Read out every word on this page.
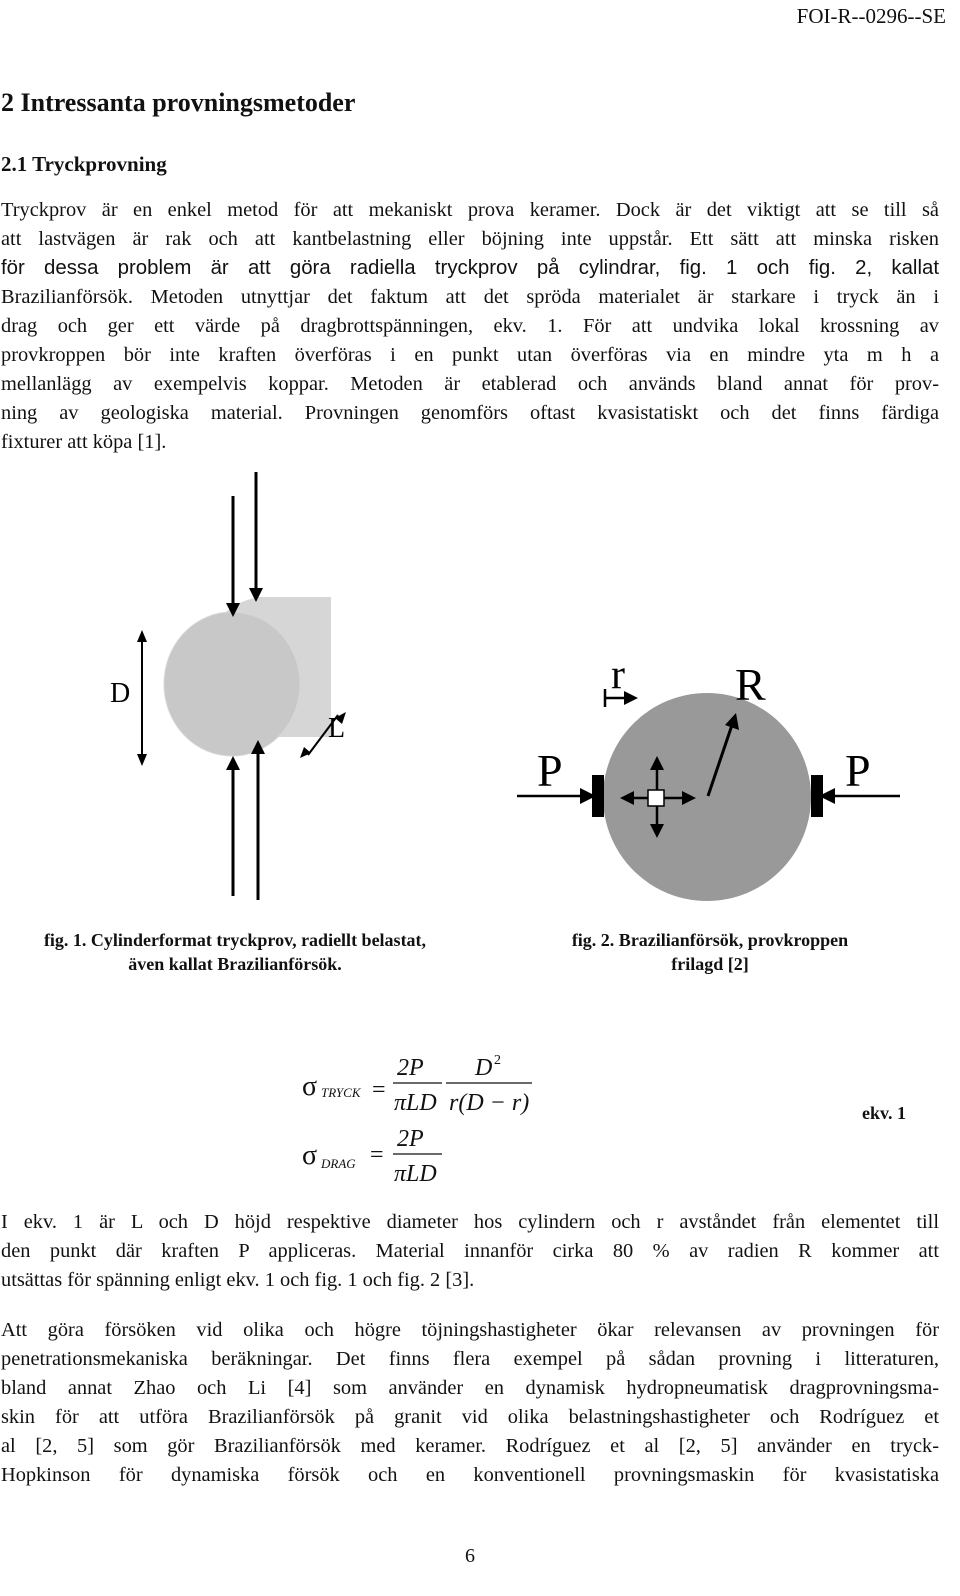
FOI-R--0296--SE
2 Intressanta provningsmetoder
2.1 Tryckprovning
Tryckprov är en enkel metod för att mekaniskt prova keramer. Dock är det viktigt att se till så
att lastvägen är rak och att kantbelastning eller böjning inte uppstår. Ett sätt att minska risken
för dessa problem är att göra radiella tryckprov på cylindrar, fig. 1 och fig. 2, kallat
Brazilianförsök. Metoden utnyttjar det faktum att det spröda materialet är starkare i tryck än i
drag och ger ett värde på dragbrottspänningen, ekv. 1. För att undvika lokal krossning av
provkroppen bör inte kraften överföras i en punkt utan överföras via en mindre yta m h a
mellanlägg av exempelvis koppar. Metoden är etablerad och används bland annat för prov-
ning av geologiska material. Provningen genomförs oftast kvasistatiskt och det finns färdiga
fixturer att köpa [1].
D
L
r R
P	P
fig. 1. Cylinderformat tryckprov, radiellt belastat,
även kallat Brazilianförsök.
fig. 2. Brazilianförsök, provkroppen
frilagd [2]
σ TRYCK =
2P
πLD
D 2
r(D − r)
σ DRAG =
2P
πLD
ekv. 1
I ekv. 1 är L och D höjd respektive diameter hos cylindern och r avståndet från elementet till
den punkt där kraften P appliceras. Material innanför cirka 80 % av radien R kommer att
utsättas för spänning enligt ekv. 1 och fig. 1 och fig. 2 [3].
Att göra försöken vid olika och högre töjningshastigheter ökar relevansen av provningen för
penetrationsmekaniska beräkningar. Det finns flera exempel på sådan provning i litteraturen,
bland annat Zhao och Li [4] som använder en dynamisk hydropneumatisk dragprovningsma-
skin för att utföra Brazilianförsök på granit vid olika belastningshastigheter och Rodríguez et
al [2, 5] som gör Brazilianförsök med keramer. Rodríguez et al [2, 5] använder en tryck-
Hopkinson för dynamiska försök och en konventionell provningsmaskin för kvasistatiska
6
